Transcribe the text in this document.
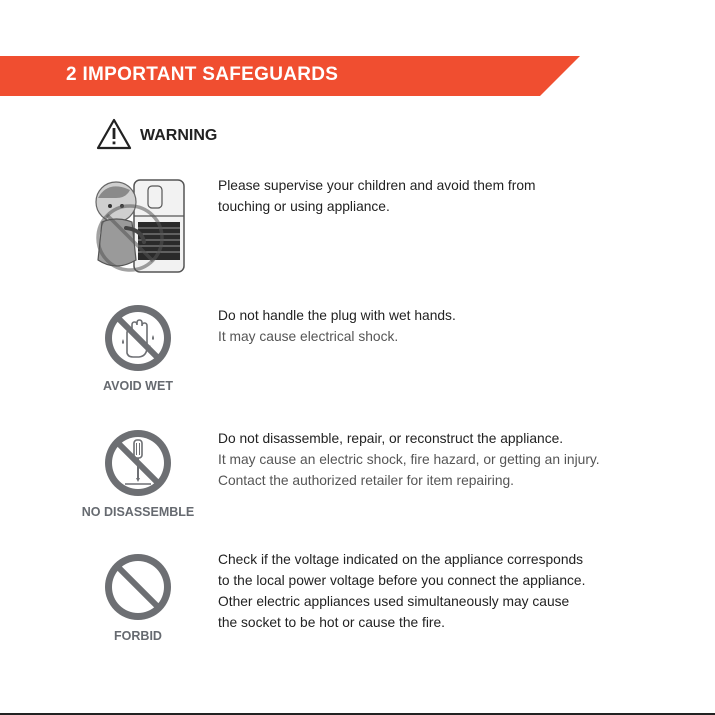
2 IMPORTANT SAFEGUARDS
WARNING
Please supervise your children and avoid them from
touching or using appliance.
AVOID WET
Do not handle the plug with wet hands.
It may cause electrical shock.
NO DISASSEMBLE
Do not disassemble, repair, or reconstruct the appliance.
It may cause an electric shock, fire hazard, or getting an injury.
Contact the authorized retailer for item repairing.
FORBID
Check if the voltage indicated on the appliance corresponds
to the local power voltage before you connect the appliance.
Other electric appliances used simultaneously may cause
the socket to be hot or cause the fire.
